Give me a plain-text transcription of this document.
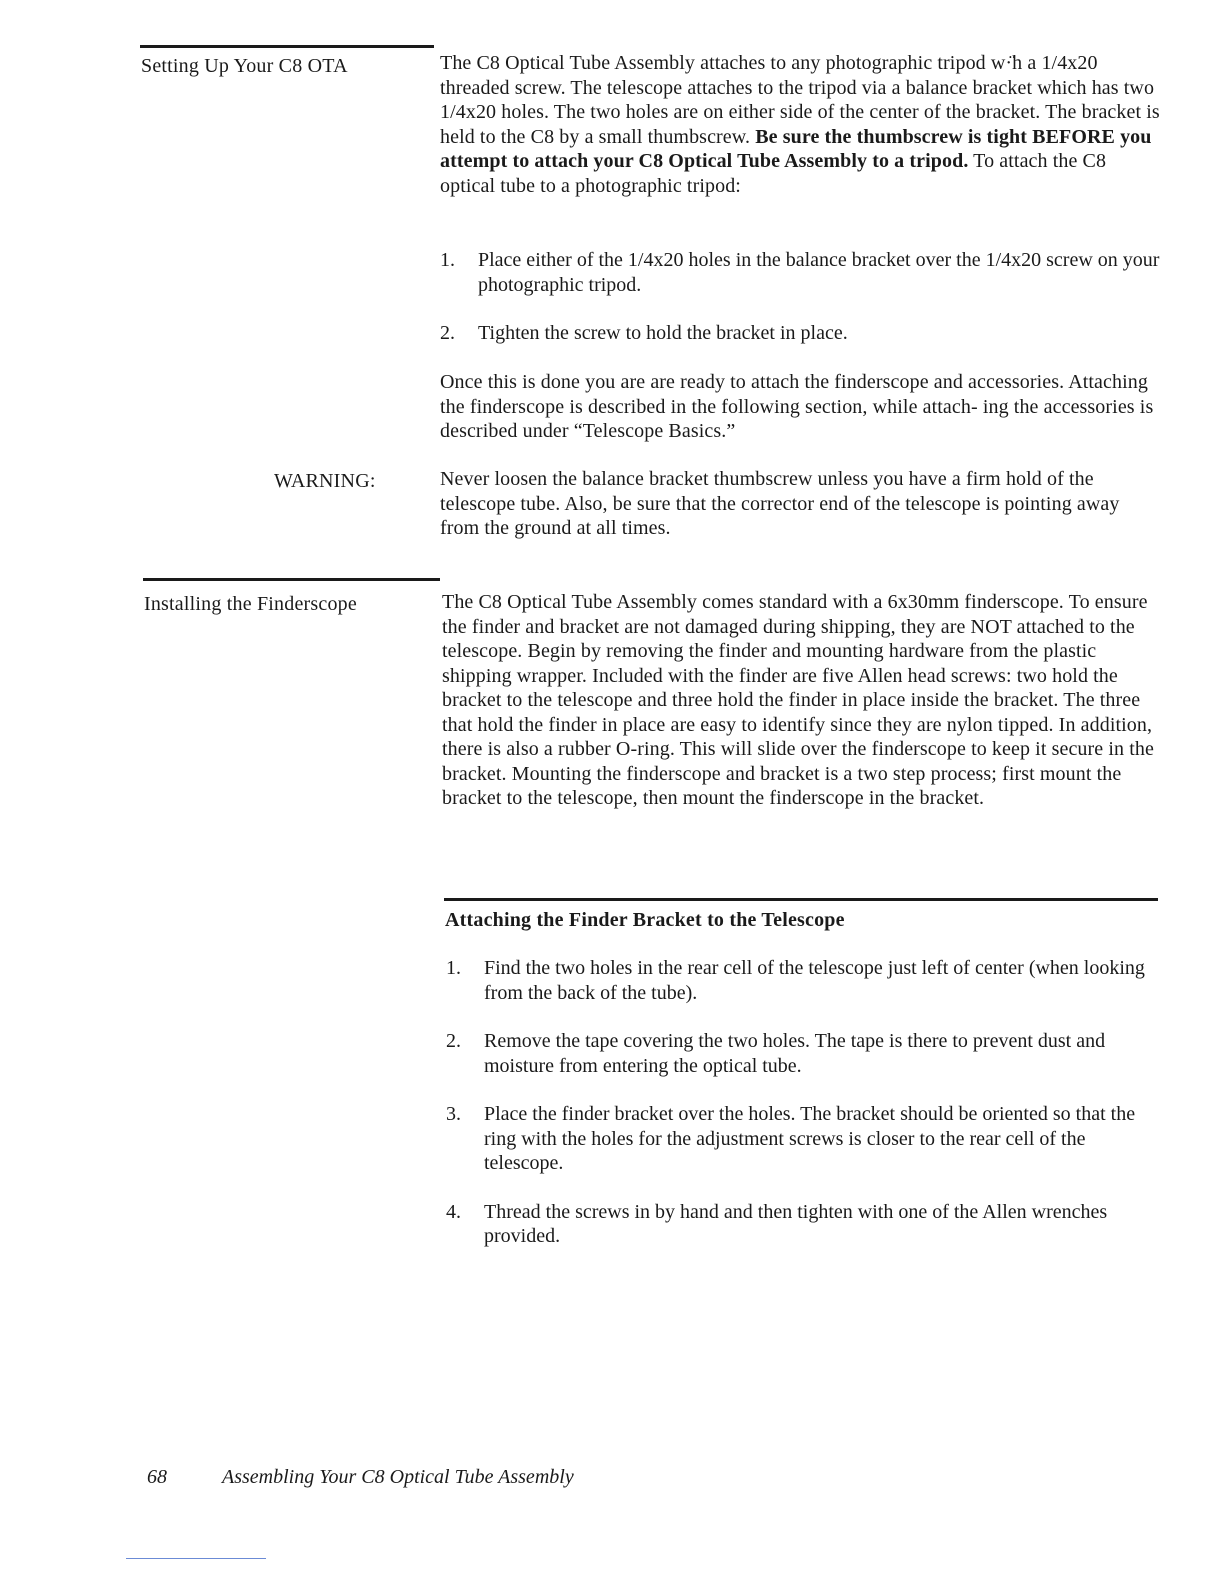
Setting Up Your C8 OTA	The C8 Optical Tube Assembly attaches to any photographic tripod w·̈h a 1/4x20 threaded screw. The telescope attaches to the tripod via a balance bracket which has two 1/4x20 holes. The two holes are on either side of the center of the bracket. The bracket is held to the C8 by a small thumbscrew. Be sure the thumbscrew is tight BEFORE you attempt to attach your C8 Optical Tube Assembly to a tripod. To attach the C8 optical tube to a photographic tripod:

1. Place either of the 1/4x20 holes in the balance bracket over the 1/4x20 screw on your photographic tripod.
2. Tighten the screw to hold the bracket in place.

Once this is done you are are ready to attach the finderscope and accessories. Attaching the finderscope is described in the following section, while attach- ing the accessories is described under “Telescope Basics.”

WARNING:	Never loosen the balance bracket thumbscrew unless you have a firm hold of the telescope tube. Also, be sure that the corrector end of the telescope is pointing away from the ground at all times.

Installing the Finderscope	The C8 Optical Tube Assembly comes standard with a 6x30mm finderscope. To ensure the finder and bracket are not damaged during shipping, they are NOT attached to the telescope. Begin by removing the finder and mounting hardware from the plastic shipping wrapper. Included with the finder are five Allen head screws: two hold the bracket to the telescope and three hold the finder in place inside the bracket. The three that hold the finder in place are easy to identify since they are nylon tipped. In addition, there is also a rubber O-ring. This will slide over the finderscope to keep it secure in the bracket. Mounting the finderscope and bracket is a two step process; first mount the bracket to the telescope, then mount the finderscope in the bracket.

Attaching the Finder Bracket to the Telescope
1. Find the two holes in the rear cell of the telescope just left of center (when looking from the back of the tube).
2. Remove the tape covering the two holes. The tape is there to prevent dust and moisture from entering the optical tube.
3. Place the finder bracket over the holes. The bracket should be oriented so that the ring with the holes for the adjustment screws is closer to the rear cell of the telescope.
4. Thread the screws in by hand and then tighten with one of the Allen wrenches provided.
68	Assembling Your C8 Optical Tube Assembly
